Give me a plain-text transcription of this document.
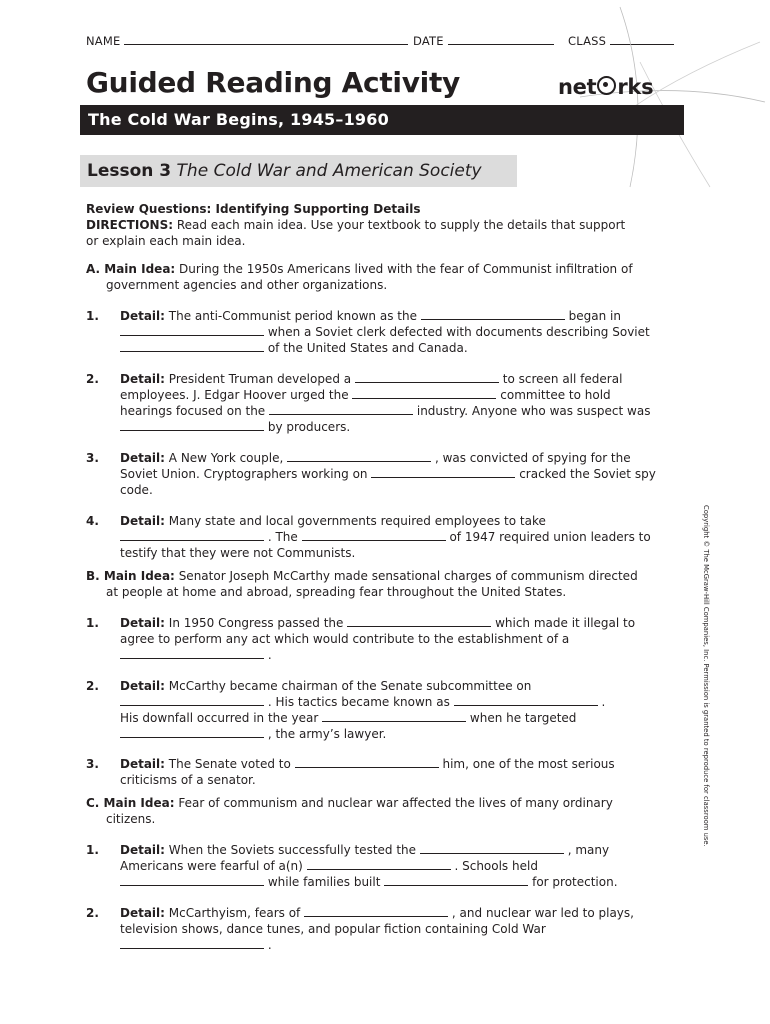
NAME	DATE	CLASS
Guided Reading Activity	net rks
The Cold War Begins, 1945–1960
Lesson 3 The Cold War and American Society
Review Questions: Identifying Supporting Details
DIRECTIONS: Read each main idea. Use your textbook to supply the details that support
or explain each main idea.
A. Main Idea: During the 1950s Americans lived with the fear of Communist infiltration of
government agencies and other organizations.
1. Detail: The anti-Communist period known as the	began in
when a Soviet clerk defected with documents describing Soviet
of the United States and Canada.
2. Detail: President Truman developed a	to screen all federal
employees. J. Edgar Hoover urged the	committee to hold
hearings focused on the	industry. Anyone who was suspect was
by producers.
3. Detail: A New York couple,	, was convicted of spying for the
Soviet Union. Cryptographers working on	cracked the Soviet spy
code.
4. Detail: Many state and local governments required employees to take
. The	of 1947 required union leaders to
testify that they were not Communists.
B. Main Idea: Senator Joseph McCarthy made sensational charges of communism directed
at people at home and abroad, spreading fear throughout the United States.
1. Detail: In 1950 Congress passed the	which made it illegal to
agree to perform any act which would contribute to the establishment of a
.
2. Detail: McCarthy became chairman of the Senate subcommittee on
. His tactics became known as	.
His downfall occurred in the year	when he targeted
, the army’s lawyer.
3. Detail: The Senate voted to	him, one of the most serious
criticisms of a senator.
C. Main Idea: Fear of communism and nuclear war affected the lives of many ordinary
citizens.
1. Detail: When the Soviets successfully tested the	, many
Americans were fearful of a(n)	. Schools held
while families built	for protection.
2. Detail: McCarthyism, fears of	, and nuclear war led to plays,
television shows, dance tunes, and popular fiction containing Cold War
.
Copyright © The McGraw-Hill Companies, Inc. Permission is granted to reproduce for classroom use.
